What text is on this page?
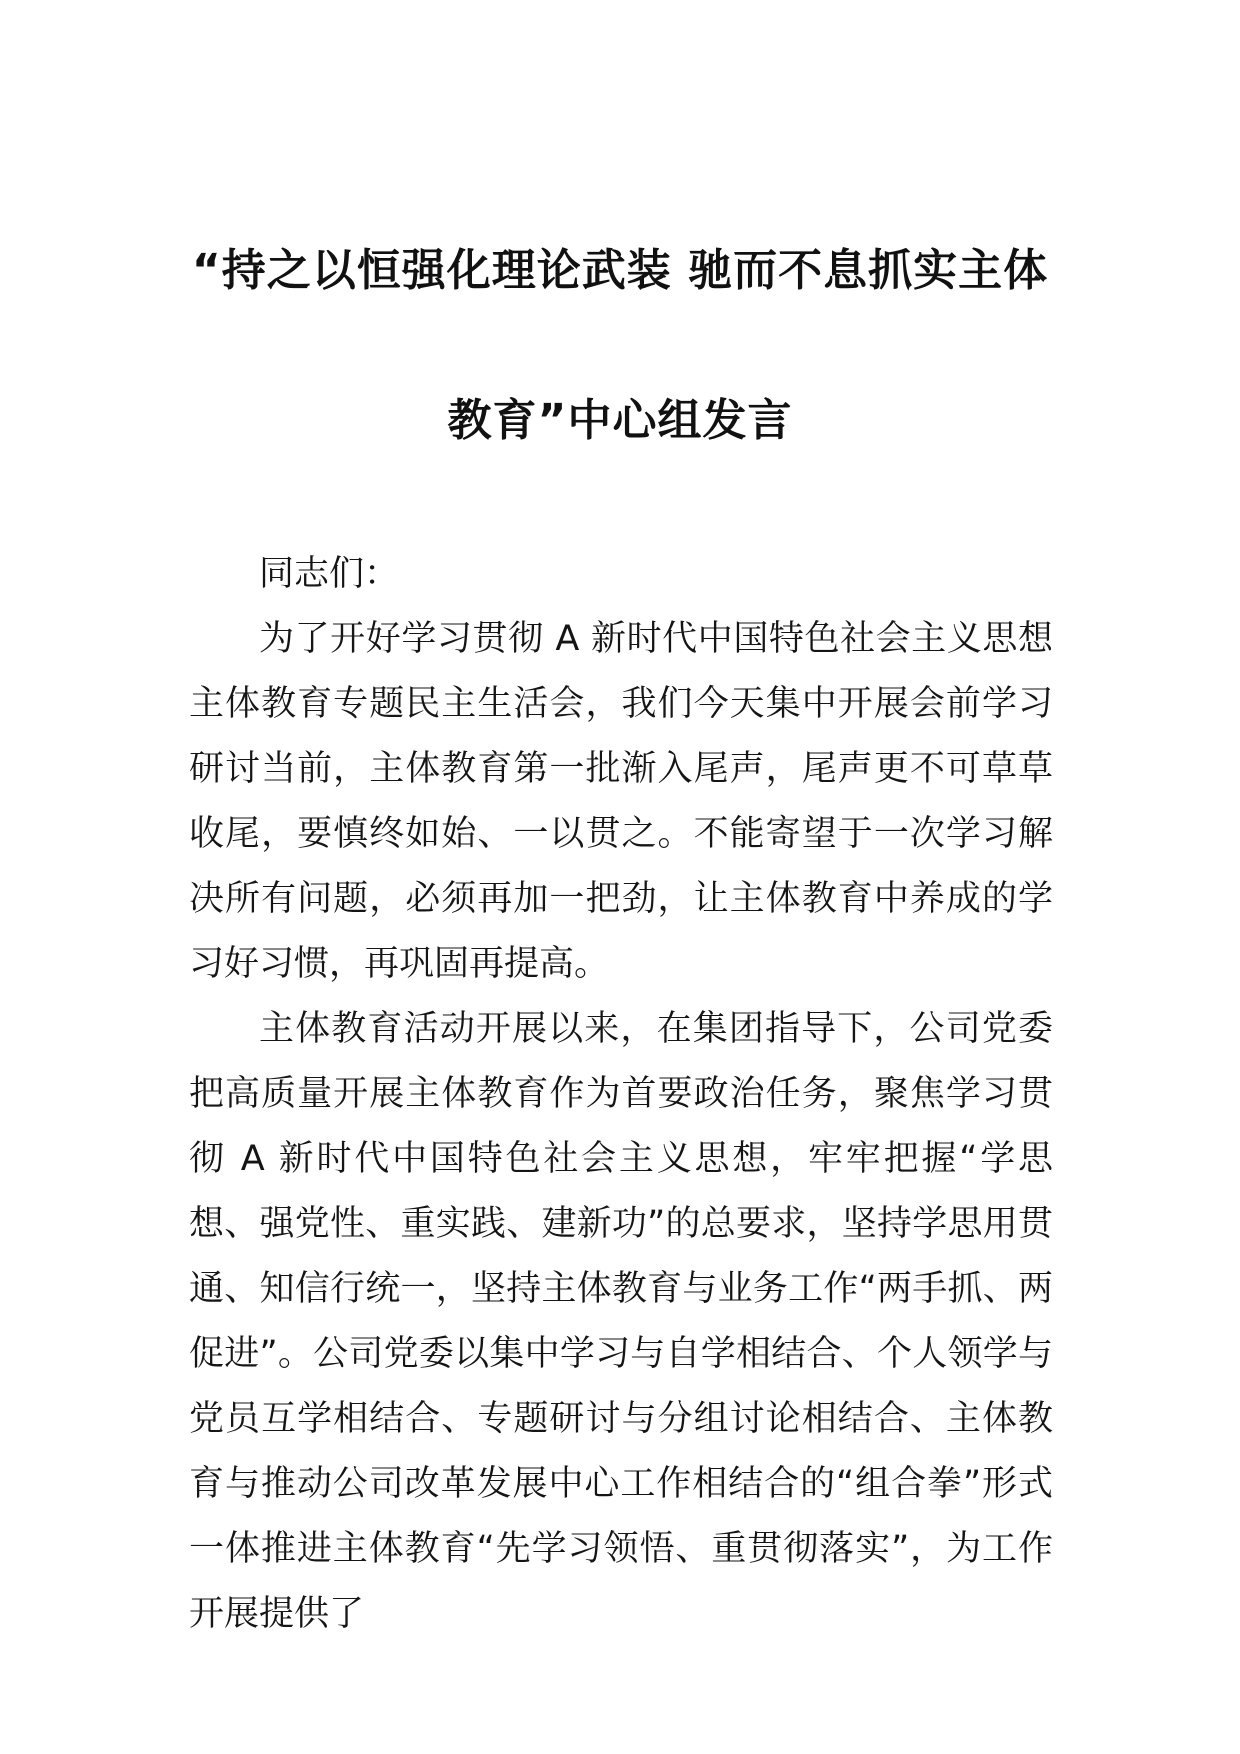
“持之以恒强化理论武装 驰而不息抓实主体
教育”中心组发言

同志们：

为了开好学习贯彻 A 新时代中国特色社会主义思想主体教育专题民主生活会，我们今天集中开展会前学习研讨当前，主体教育第一批渐入尾声，尾声更不可草草收尾，要慎终如始、一以贯之。不能寄望于一次学习解决所有问题，必须再加一把劲，让主体教育中养成的学习好习惯，再巩固再提高。

主体教育活动开展以来，在集团指导下，公司党委把高质量开展主体教育作为首要政治任务，聚焦学习贯彻 A 新时代中国特色社会主义思想，牢牢把握“学思想、强党性、重实践、建新功”的总要求，坚持学思用贯通、知信行统一，坚持主体教育与业务工作“两手抓、两促进”。公司党委以集中学习与自学相结合、个人领学与党员互学相结合、专题研讨与分组讨论相结合、主体教育与推动公司改革发展中心工作相结合的“组合拳”形式一体推进主体教育“先学习领悟、重贯彻落实”，为工作开展提供了
